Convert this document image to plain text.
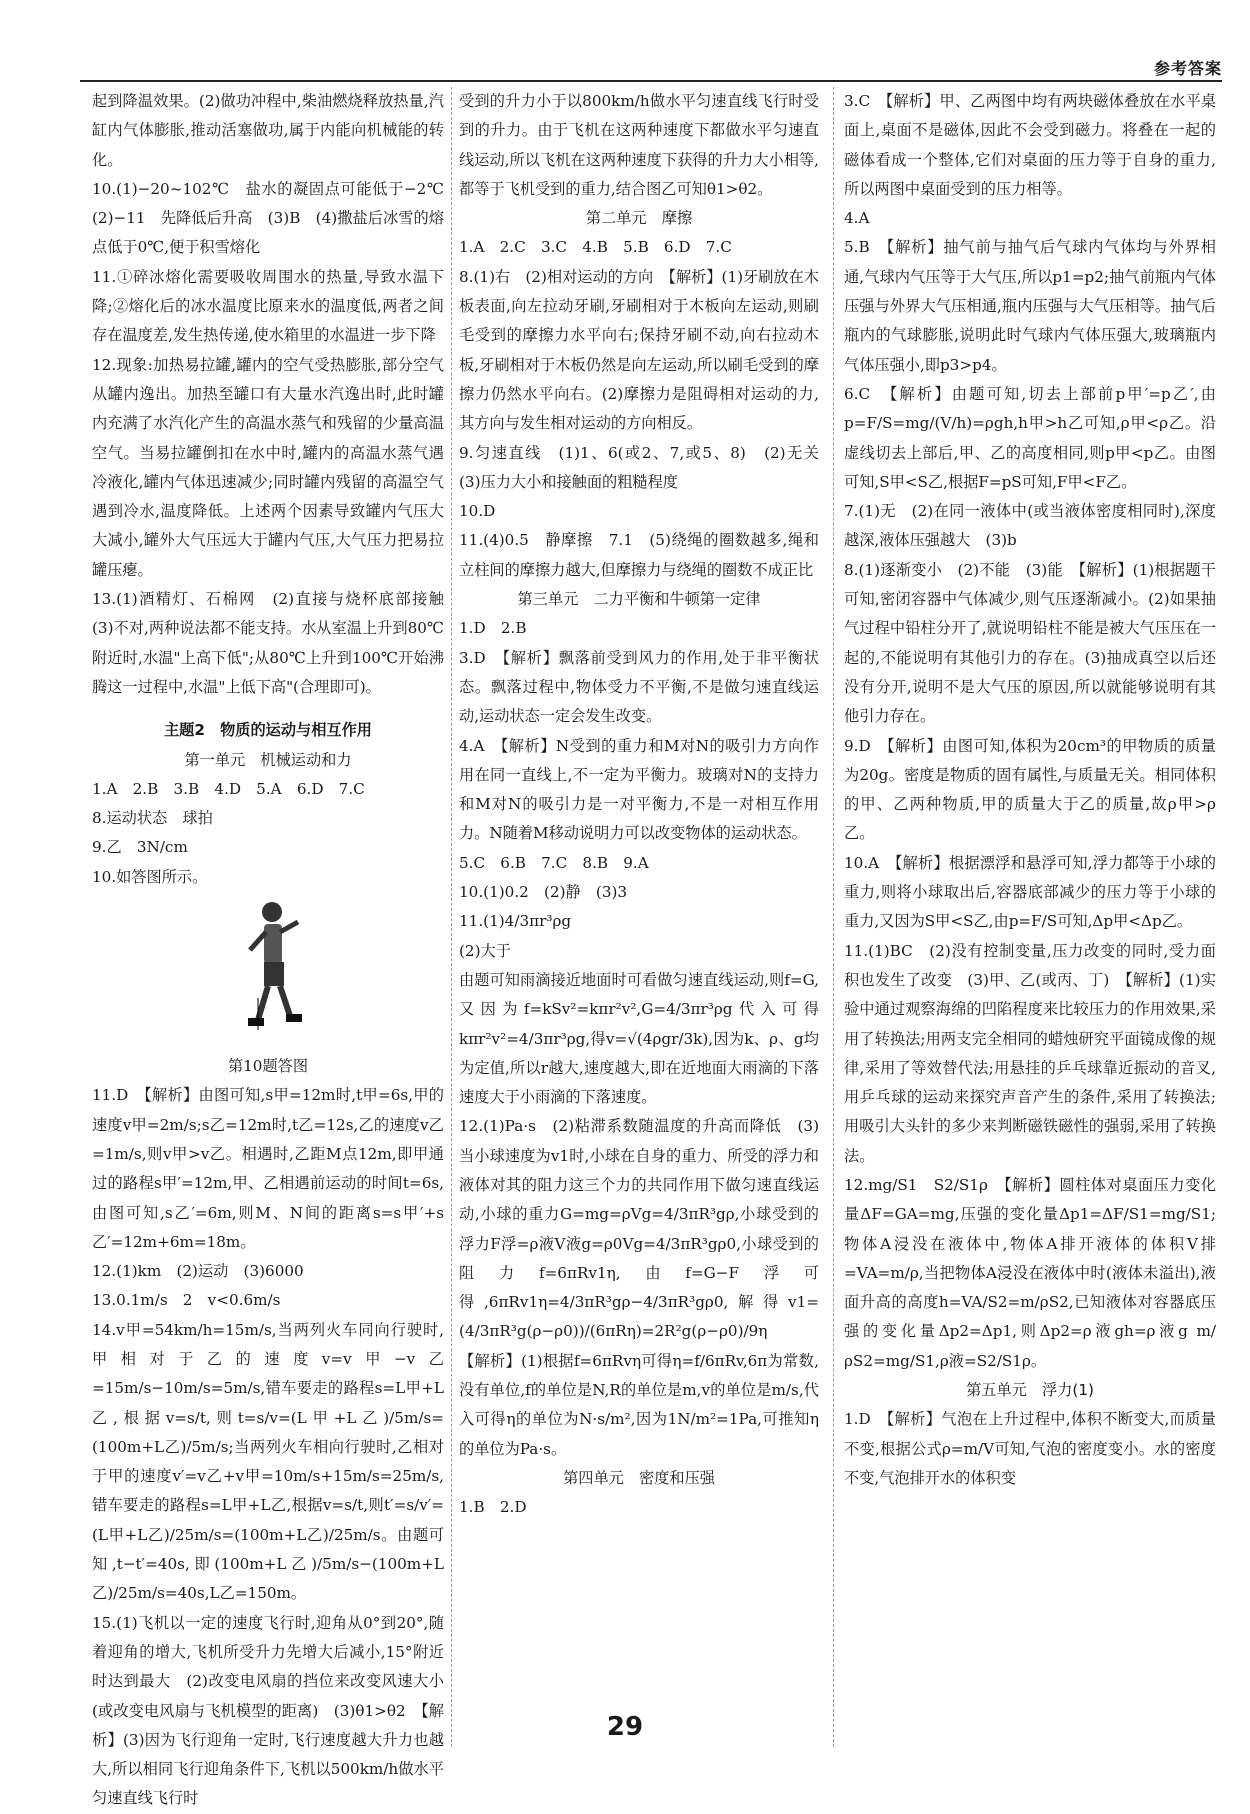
参考答案

起到降温效果。(2)做功冲程中,柴油燃烧释放热量,汽缸内气体膨胀,推动活塞做功,属于内能向机械能的转化。

10.(1)−20~102℃　盐水的凝固点可能低于−2℃　(2)−11　先降低后升高　(3)B　(4)撒盐后冰雪的熔点低于0℃,便于积雪熔化

11.①碎冰熔化需要吸收周围水的热量,导致水温下降;②熔化后的冰水温度比原来水的温度低,两者之间存在温度差,发生热传递,使水箱里的水温进一步下降

12.现象:加热易拉罐,罐内的空气受热膨胀,部分空气从罐内逸出。加热至罐口有大量水汽逸出时,此时罐内充满了水汽化产生的高温水蒸气和残留的少量高温空气。当易拉罐倒扣在水中时,罐内的高温水蒸气遇冷液化,罐内气体迅速减少;同时罐内残留的高温空气遇到冷水,温度降低。上述两个因素导致罐内气压大大减小,罐外大气压远大于罐内气压,大气压力把易拉罐压瘪。

13.(1)酒精灯、石棉网　(2)直接与烧杯底部接触　(3)不对,两种说法都不能支持。水从室温上升到80℃附近时,水温"上高下低";从80℃上升到100℃开始沸腾这一过程中,水温"上低下高"(合理即可)。

主题2　物质的运动与相互作用

第一单元　机械运动和力

1.A　2.B　3.B　4.D　5.A　6.D　7.C

8.运动状态　球拍

9.乙　3N/cm

10.如答图所示。

第10题答图

11.D　【解析】由图可知,s甲=12m时,t甲=6s,甲的速度v甲=2m/s;s乙=12m时,t乙=12s,乙的速度v乙=1m/s,则v甲>v乙。相遇时,乙距M点12m,即甲通过的路程s甲′=12m,甲、乙相遇前运动的时间t=6s,由图可知,s乙′=6m,则M、N间的距离s=s甲′+s乙′=12m+6m=18m。

12.(1)km　(2)运动　(3)6000

13.0.1m/s　2　v<0.6m/s

14.v甲=54km/h=15m/s,当两列火车同向行驶时,甲相对于乙的速度v=v甲−v乙=15m/s−10m/s=5m/s,错车要走的路程s=L甲+L乙,根据v=s/t,则t=s/v=(L甲+L乙)/5m/s=(100m+L乙)/5m/s;当两列火车相向行驶时,乙相对于甲的速度v′=v乙+v甲=10m/s+15m/s=25m/s,错车要走的路程s=L甲+L乙,根据v=s/t,则t′=s/v′=(L甲+L乙)/25m/s=(100m+L乙)/25m/s。由题可知,t−t′=40s,即(100m+L乙)/5m/s−(100m+L乙)/25m/s=40s,L乙=150m。

15.(1)飞机以一定的速度飞行时,迎角从0°到20°,随着迎角的增大,飞机所受升力先增大后减小,15°附近时达到最大　(2)改变电风扇的挡位来改变风速大小(或改变电风扇与飞机模型的距离)　(3)θ1>θ2　【解析】(3)因为飞行迎角一定时,飞行速度越大升力也越大,所以相同飞行迎角条件下,飞机以500km/h做水平匀速直线飞行时

受到的升力小于以800km/h做水平匀速直线飞行时受到的升力。由于飞机在这两种速度下都做水平匀速直线运动,所以飞机在这两种速度下获得的升力大小相等,都等于飞机受到的重力,结合图乙可知θ1>θ2。

第二单元　摩擦

1.A　2.C　3.C　4.B　5.B　6.D　7.C

8.(1)右　(2)相对运动的方向　【解析】(1)牙刷放在木板表面,向左拉动牙刷,牙刷相对于木板向左运动,则刷毛受到的摩擦力水平向右;保持牙刷不动,向右拉动木板,牙刷相对于木板仍然是向左运动,所以刷毛受到的摩擦力仍然水平向右。(2)摩擦力是阻碍相对运动的力,其方向与发生相对运动的方向相反。

9.匀速直线　(1)1、6(或2、7,或5、8)　(2)无关　(3)压力大小和接触面的粗糙程度

10.D

11.(4)0.5　静摩擦　7.1　(5)绕绳的圈数越多,绳和立柱间的摩擦力越大,但摩擦力与绕绳的圈数不成正比

第三单元　二力平衡和牛顿第一定律

1.D　2.B

3.D　【解析】飘落前受到风力的作用,处于非平衡状态。飘落过程中,物体受力不平衡,不是做匀速直线运动,运动状态一定会发生改变。

4.A　【解析】N受到的重力和M对N的吸引力方向作用在同一直线上,不一定为平衡力。玻璃对N的支持力和M对N的吸引力是一对平衡力,不是一对相互作用力。N随着M移动说明力可以改变物体的运动状态。

5.C　6.B　7.C　8.B　9.A

10.(1)0.2　(2)静　(3)3

11.(1)4/3πr³ρg

(2)大于

由题可知雨滴接近地面时可看做匀速直线运动,则f=G,又因为f=kSv²=kπr²v²,G=4/3πr³ρg代入可得kπr²v²=4/3πr³ρg,得v=√(4ρgr/3k),因为k、ρ、g均为定值,所以r越大,速度越大,即在近地面大雨滴的下落速度大于小雨滴的下落速度。

12.(1)Pa·s　(2)粘滞系数随温度的升高而降低　(3)当小球速度为v1时,小球在自身的重力、所受的浮力和液体对其的阻力这三个力的共同作用下做匀速直线运动,小球的重力G=mg=ρVg=4/3πR³gρ,小球受到的浮力F浮=ρ液V液g=ρ0Vg=4/3πR³gρ0,小球受到的阻力f=6πRv1η,由f=G−F浮可得,6πRv1η=4/3πR³gρ−4/3πR³gρ0,解得v1=(4/3πR³g(ρ−ρ0))/(6πRη)=2R²g(ρ−ρ0)/9η

【解析】(1)根据f=6πRvη可得η=f/6πRv,6π为常数,没有单位,f的单位是N,R的单位是m,v的单位是m/s,代入可得η的单位为N·s/m²,因为1N/m²=1Pa,可推知η的单位为Pa·s。

第四单元　密度和压强

1.B　2.D

3.C　【解析】甲、乙两图中均有两块磁体叠放在水平桌面上,桌面不是磁体,因此不会受到磁力。将叠在一起的磁体看成一个整体,它们对桌面的压力等于自身的重力,所以两图中桌面受到的压力相等。

4.A

5.B　【解析】抽气前与抽气后气球内气体均与外界相通,气球内气压等于大气压,所以p1=p2;抽气前瓶内气体压强与外界大气压相通,瓶内压强与大气压相等。抽气后瓶内的气球膨胀,说明此时气球内气体压强大,玻璃瓶内气体压强小,即p3>p4。

6.C　【解析】由题可知,切去上部前p甲′=p乙′,由p=F/S=mg/(V/h)=ρgh,h甲>h乙可知,ρ甲<ρ乙。沿虚线切去上部后,甲、乙的高度相同,则p甲<p乙。由图可知,S甲<S乙,根据F=pS可知,F甲<F乙。

7.(1)无　(2)在同一液体中(或当液体密度相同时),深度越深,液体压强越大　(3)b

8.(1)逐渐变小　(2)不能　(3)能　【解析】(1)根据题干可知,密闭容器中气体减少,则气压逐渐减小。(2)如果抽气过程中铅柱分开了,就说明铅柱不能是被大气压压在一起的,不能说明有其他引力的存在。(3)抽成真空以后还没有分开,说明不是大气压的原因,所以就能够说明有其他引力存在。

9.D　【解析】由图可知,体积为20cm³的甲物质的质量为20g。密度是物质的固有属性,与质量无关。相同体积的甲、乙两种物质,甲的质量大于乙的质量,故ρ甲>ρ乙。

10.A　【解析】根据漂浮和悬浮可知,浮力都等于小球的重力,则将小球取出后,容器底部减少的压力等于小球的重力,又因为S甲<S乙,由p=F/S可知,Δp甲<Δp乙。

11.(1)BC　(2)没有控制变量,压力改变的同时,受力面积也发生了改变　(3)甲、乙(或丙、丁)　【解析】(1)实验中通过观察海绵的凹陷程度来比较压力的作用效果,采用了转换法;用两支完全相同的蜡烛研究平面镜成像的规律,采用了等效替代法;用悬挂的乒乓球靠近振动的音叉,用乒乓球的运动来探究声音产生的条件,采用了转换法;用吸引大头针的多少来判断磁铁磁性的强弱,采用了转换法。

12.mg/S1　S2/S1ρ　【解析】圆柱体对桌面压力变化量ΔF=GA=mg,压强的变化量Δp1=ΔF/S1=mg/S1;物体A浸没在液体中,物体A排开液体的体积V排=VA=m/ρ,当把物体A浸没在液体中时(液体未溢出),液面升高的高度h=VA/S2=m/ρS2,已知液体对容器底压强的变化量Δp2=Δp1,则Δp2=ρ液gh=ρ液g m/ρS2=mg/S1,ρ液=S2/S1ρ。

第五单元　浮力(1)

1.D　【解析】气泡在上升过程中,体积不断变大,而质量不变,根据公式ρ=m/V可知,气泡的密度变小。水的密度不变,气泡排开水的体积变

29
